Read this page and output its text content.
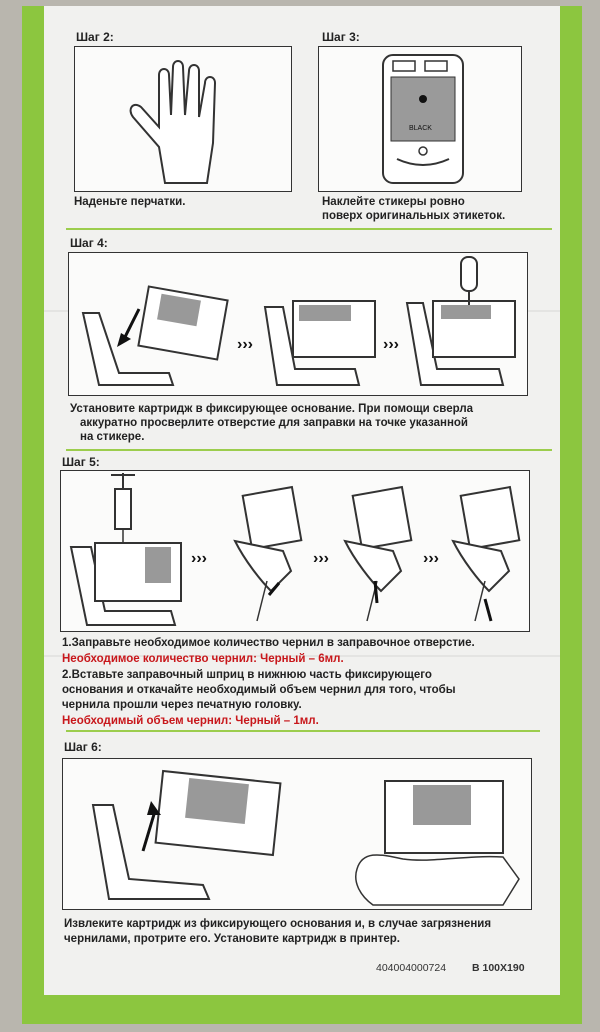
Шаг 2:
Наденьте перчатки.
Шаг 3:
BLACK
Наклейте стикеры ровно
поверх оригинальных этикеток.
Шаг 4:
›››	›››
Установите картридж в фиксирующее основание. При помощи сверла
аккуратно просверлите отверстие для заправки на точке указанной
на стикере.
Шаг 5:
›››	›››	›››
1.Заправьте необходимое количество чернил в заправочное отверстие.
Необходимое количество чернил: Черный – 6мл.
2.Вставьте заправочный шприц в нижнюю часть фиксирующего
основания и откачайте необходимый объем чернил для того, чтобы
чернила прошли через печатную головку.
Необходимый объем чернил: Черный – 1мл.
Шаг 6:
Извлеките картридж из фиксирующего основания и, в случае загрязнения
чернилами, протрите его. Установите картридж в принтер.
404004000724 В 100X190
